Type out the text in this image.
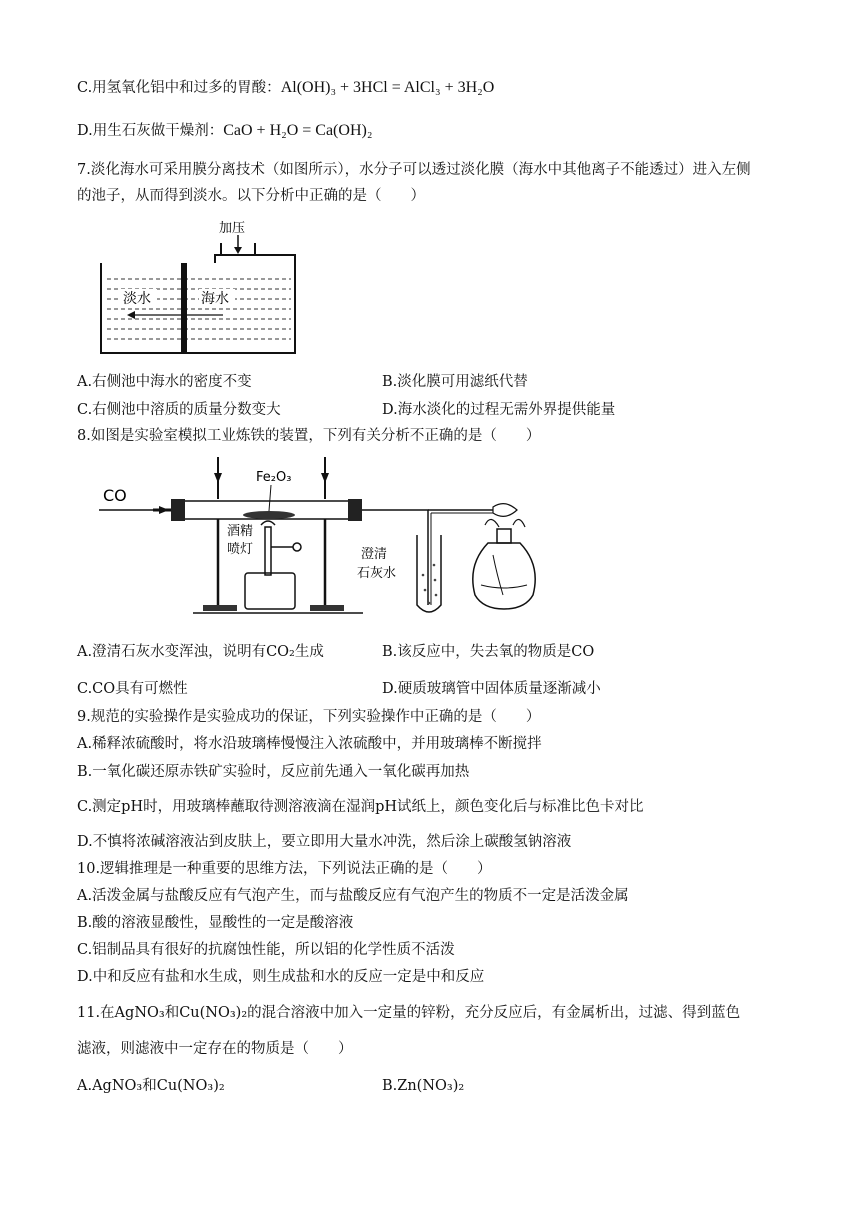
C.用氢氧化铝中和过多的胃酸：Al(OH)₃ + 3HCl = AlCl₃ + 3H₂O
D.用生石灰做干燥剂：CaO + H₂O = Ca(OH)₂
7.淡化海水可采用膜分离技术（如图所示），水分子可以透过淡化膜（海水中其他离子不能透过）进入左侧
的池子，从而得到淡水。以下分析中正确的是（　　）
加压
淡水	海水
A.右侧池中海水的密度不变	B.淡化膜可用滤纸代替
C.右侧池中溶质的质量分数变大	D.海水淡化的过程无需外界提供能量
8.如图是实验室模拟工业炼铁的装置，下列有关分析不正确的是（　　）
CO
Fe₂O₃
酒精
喷灯	澄清
石灰水
A.澄清石灰水变浑浊，说明有CO₂生成	B.该反应中，失去氧的物质是CO
C.CO具有可燃性	D.硬质玻璃管中固体质量逐渐减小
9.规范的实验操作是实验成功的保证，下列实验操作中正确的是（　　）
A.稀释浓硫酸时，将水沿玻璃棒慢慢注入浓硫酸中，并用玻璃棒不断搅拌
B.一氧化碳还原赤铁矿实验时，反应前先通入一氧化碳再加热
C.测定pH时，用玻璃棒蘸取待测溶液滴在湿润pH试纸上，颜色变化后与标准比色卡对比
D.不慎将浓碱溶液沾到皮肤上，要立即用大量水冲洗，然后涂上碳酸氢钠溶液
10.逻辑推理是一种重要的思维方法，下列说法正确的是（　　）
A.活泼金属与盐酸反应有气泡产生，而与盐酸反应有气泡产生的物质不一定是活泼金属
B.酸的溶液显酸性，显酸性的一定是酸溶液
C.铝制品具有很好的抗腐蚀性能，所以铝的化学性质不活泼
D.中和反应有盐和水生成，则生成盐和水的反应一定是中和反应
11.在AgNO₃和Cu(NO₃)₂的混合溶液中加入一定量的锌粉，充分反应后，有金属析出，过滤、得到蓝色
滤液，则滤液中一定存在的物质是（　　）
A.AgNO₃和Cu(NO₃)₂	B.Zn(NO₃)₂
